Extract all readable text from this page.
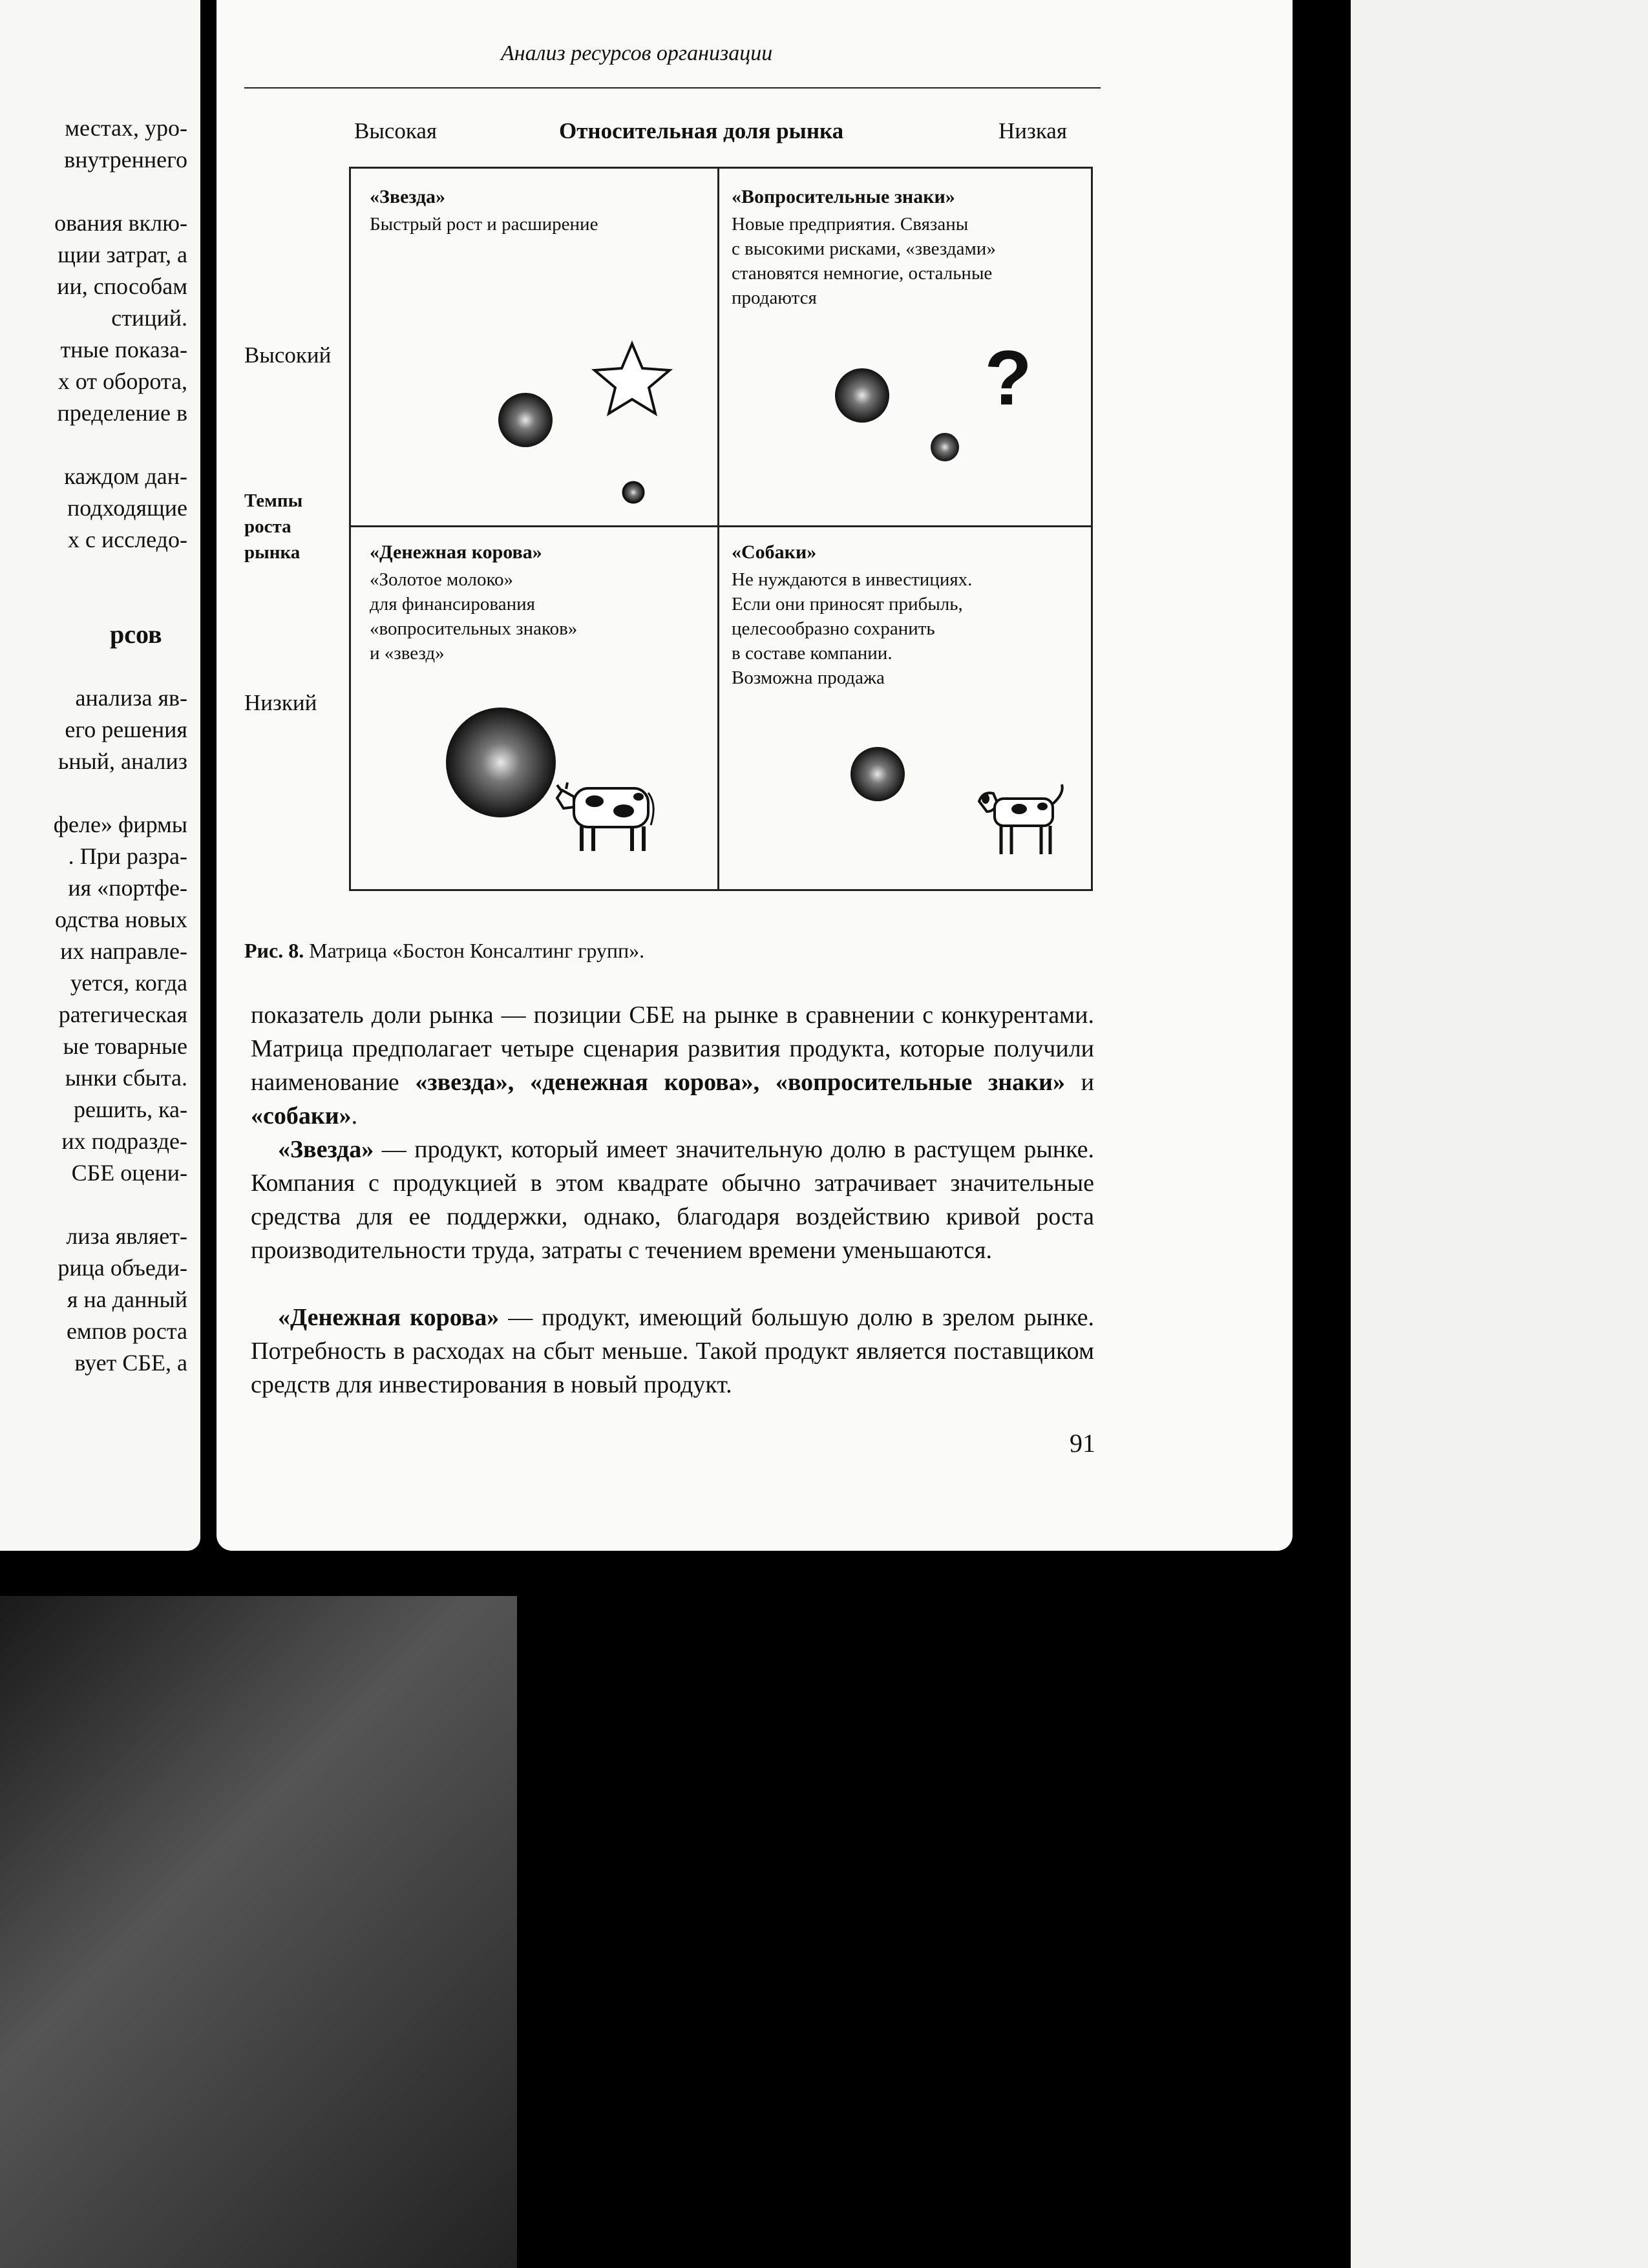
Анализ ресурсов организации
Высокая	Относительная доля рынка	Низкая
Высокий
Темпы
роста
рынка
Низкий
«Звезда»
Быстрый рост и расширение
«Вопросительные знаки»
Новые предприятия. Связаны
с высокими рисками, «звездами»
становятся немногие, остальные
продаются
«Денежная корова»
«Золотое молоко»
для финансирования
«вопросительных знаков»
и «звезд»
«Собаки»
Не нуждаются в инвестициях.
Если они приносят прибыль,
целесообразно сохранить
в составе компании.
Возможна продажа
?
Рис. 8. Матрица «Бостон Консалтинг групп».
показатель доли рынка — позиции СБЕ на рынке в сравнении с конкурентами. Матрица предполагает четыре сценария развития продукта, которые получили наименование «звезда», «денежная корова», «вопросительные знаки» и «собаки».
«Звезда» — продукт, который имеет значительную долю в растущем рынке. Компания с продукцией в этом квадрате обычно затрачивает значительные средства для ее поддержки, однако, благодаря воздействию кривой роста производительности труда, затраты с течением времени уменьшаются.
«Денежная корова» — продукт, имеющий большую долю в зрелом рынке. Потребность в расходах на сбыт меньше. Такой продукт является поставщиком средств для инвестирования в новый продукт.
91
местах, уро-
внутреннего
ования вклю-
щии затрат, а
ии, способам
стиций.
тные показа-
х от оборота,
пределение в
каждом дан-
подходящие
х с исследо-
рсов
анализа яв-
его решения
ьный, анализ
феле» фирмы
. При разра-
ия «портфе-
одства новых
их направле-
уется, когда
ратегическая
ые товарные
ынки сбыта.
решить, ка-
их подразде-
СБЕ оцени-
лиза являет-
рица объеди-
я на данный
емпов роста
вует СБЕ, а
